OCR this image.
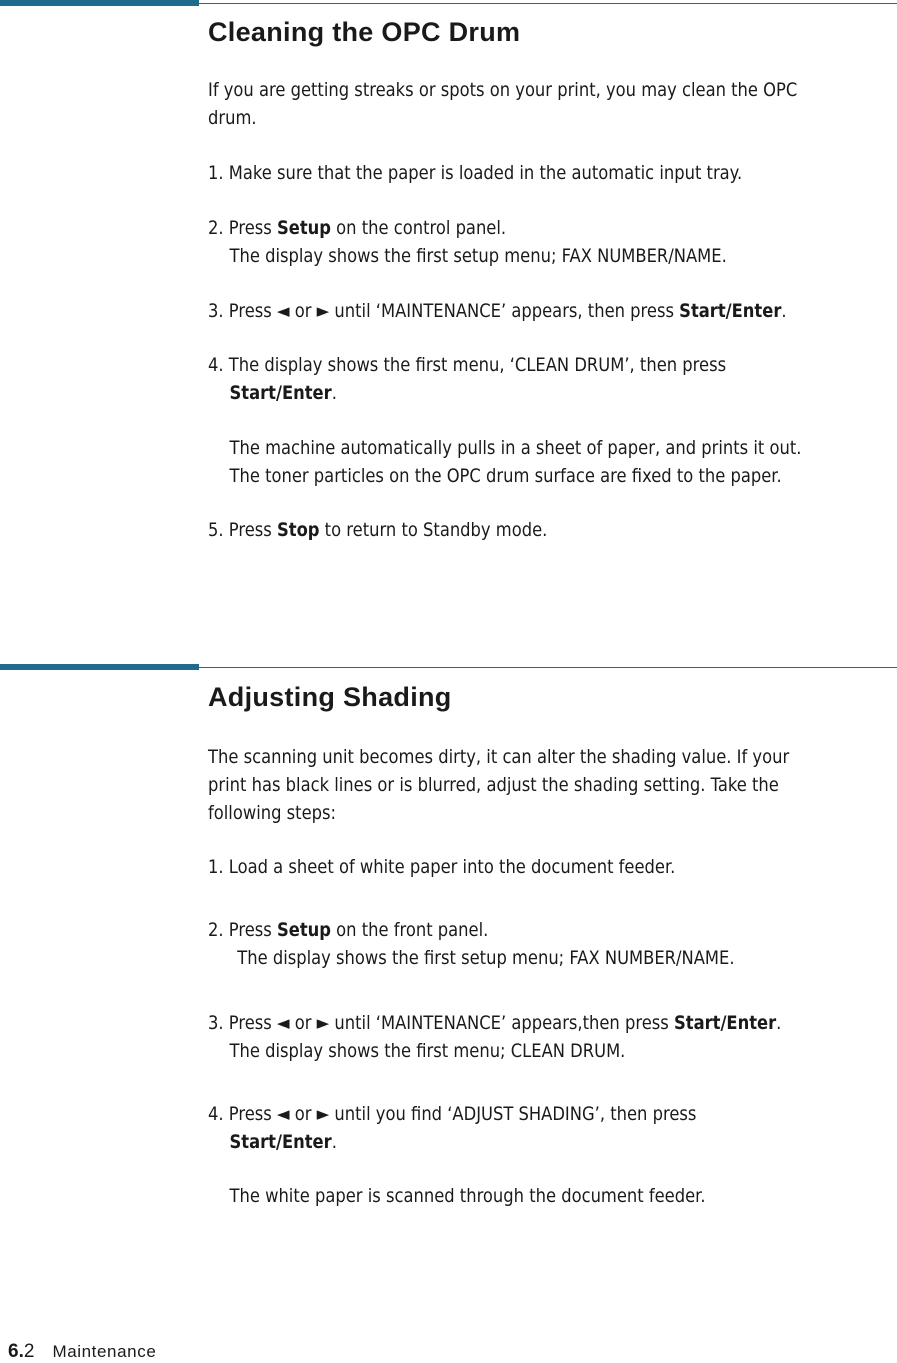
Cleaning the OPC Drum
If you are getting streaks or spots on your print, you may clean the OPC
drum.
1. Make sure that the paper is loaded in the automatic input tray.
2. Press Setup on the control panel.
The display shows the first setup menu; FAX NUMBER/NAME.
3. Press ◄ or ► until ‘MAINTENANCE’ appears, then press Start/Enter.
4. The display shows the first menu, ‘CLEAN DRUM’, then press
Start/Enter.
The machine automatically pulls in a sheet of paper, and prints it out.
The toner particles on the OPC drum surface are fixed to the paper.
5. Press Stop to return to Standby mode.
Adjusting Shading
The scanning unit becomes dirty, it can alter the shading value. If your
print has black lines or is blurred, adjust the shading setting. Take the
following steps:
1. Load a sheet of white paper into the document feeder.
2. Press Setup on the front panel.
The display shows the first setup menu; FAX NUMBER/NAME.
3. Press ◄ or ► until ‘MAINTENANCE’ appears,then press Start/Enter.
The display shows the first menu; CLEAN DRUM.
4. Press ◄ or ► until you find ‘ADJUST SHADING’, then press
Start/Enter.
The white paper is scanned through the document feeder.
6.2 Maintenance
